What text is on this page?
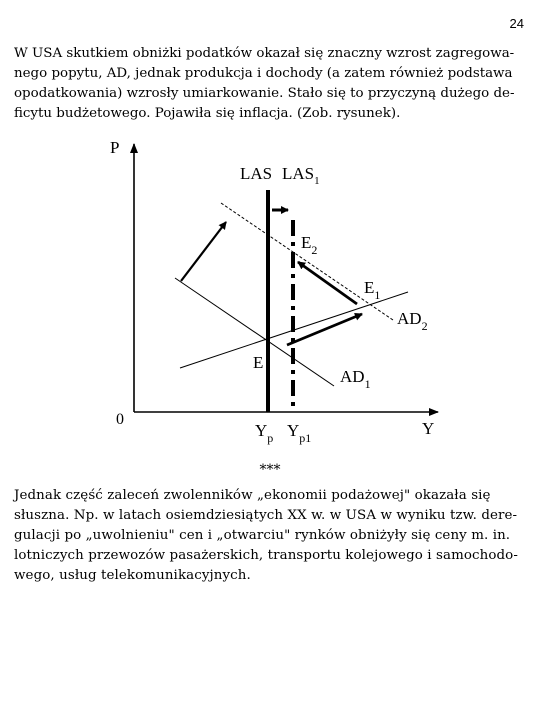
24

W USA skutkiem obniżki podatków okazał się znaczny wzrost zagregowa-
nego popytu, AD, jednak produkcja i dochody (a zatem również podstawa
opodatkowania) wzrosły umiarkowanie. Stało się to przyczyną dużego de-
ficytu budżetowego. Pojawiła się inflacja. (Zob. rysunek).

P
0	Y
LAS $LAS_1$
$E_2$
$E_1$
E
$AD_2$
$AD_1$
$Y_p$ $Y_{p1}$
***

Jednak część zaleceń zwolenników „ekonomii podażowej" okazała się
słuszna. Np. w latach osiemdziesiątych XX w. w USA w wyniku tzw. dere-
gulacji po „uwolnieniu" cen i „otwarciu" rynków obniżyły się ceny m. in.
lotniczych przewozów pasażerskich, transportu kolejowego i samochodo-
wego, usług telekomunikacyjnych.
